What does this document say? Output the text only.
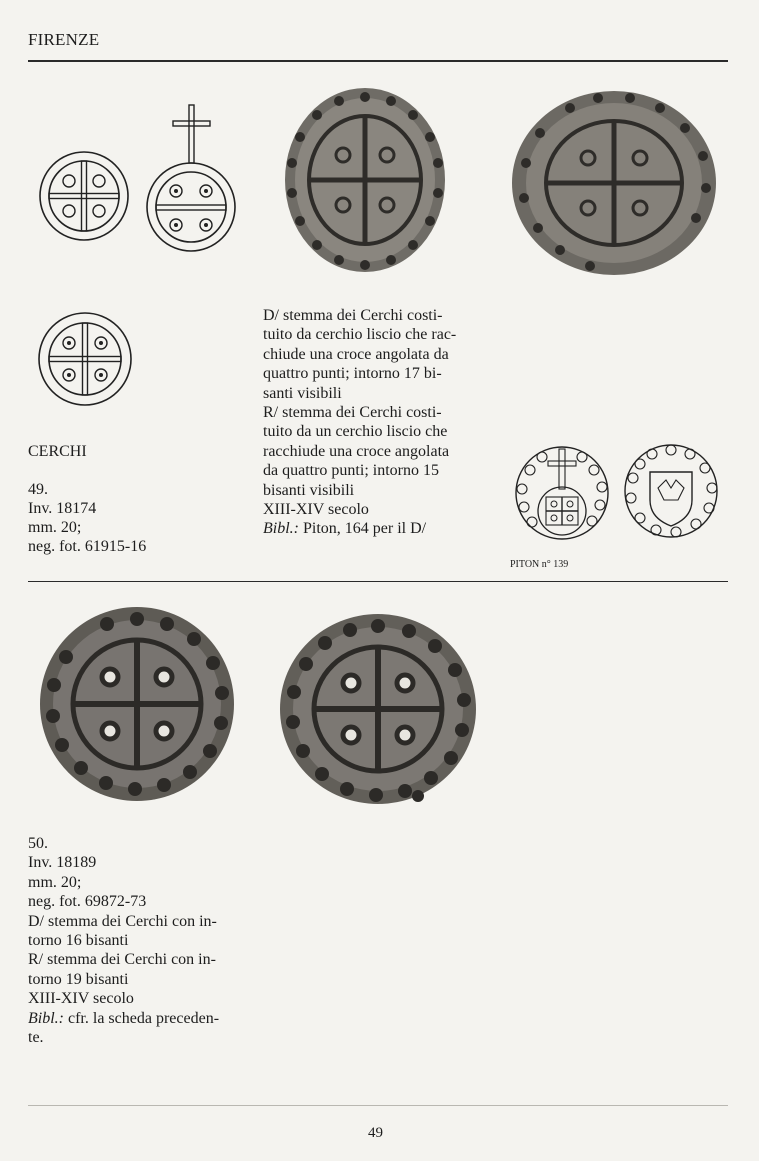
FIRENZE
CERCHI
49.
Inv. 18174
mm. 20;
neg. fot. 61915-16
D/ stemma dei Cerchi costi-
tuito da cerchio liscio che rac-
chiude una croce angolata da
quattro punti; intorno 17 bi-
santi visibili
R/ stemma dei Cerchi costi-
tuito da un cerchio liscio che
racchiude una croce angolata
da quattro punti; intorno 15
bisanti visibili
XIII-XIV secolo
Bibl.: Piton, 164 per il D/
PITON n° 139
50.
Inv. 18189
mm. 20;
neg. fot. 69872-73
D/ stemma dei Cerchi con in-
torno 16 bisanti
R/ stemma dei Cerchi con in-
torno 19 bisanti
XIII-XIV secolo
Bibl.: cfr. la scheda preceden-
te.
49
